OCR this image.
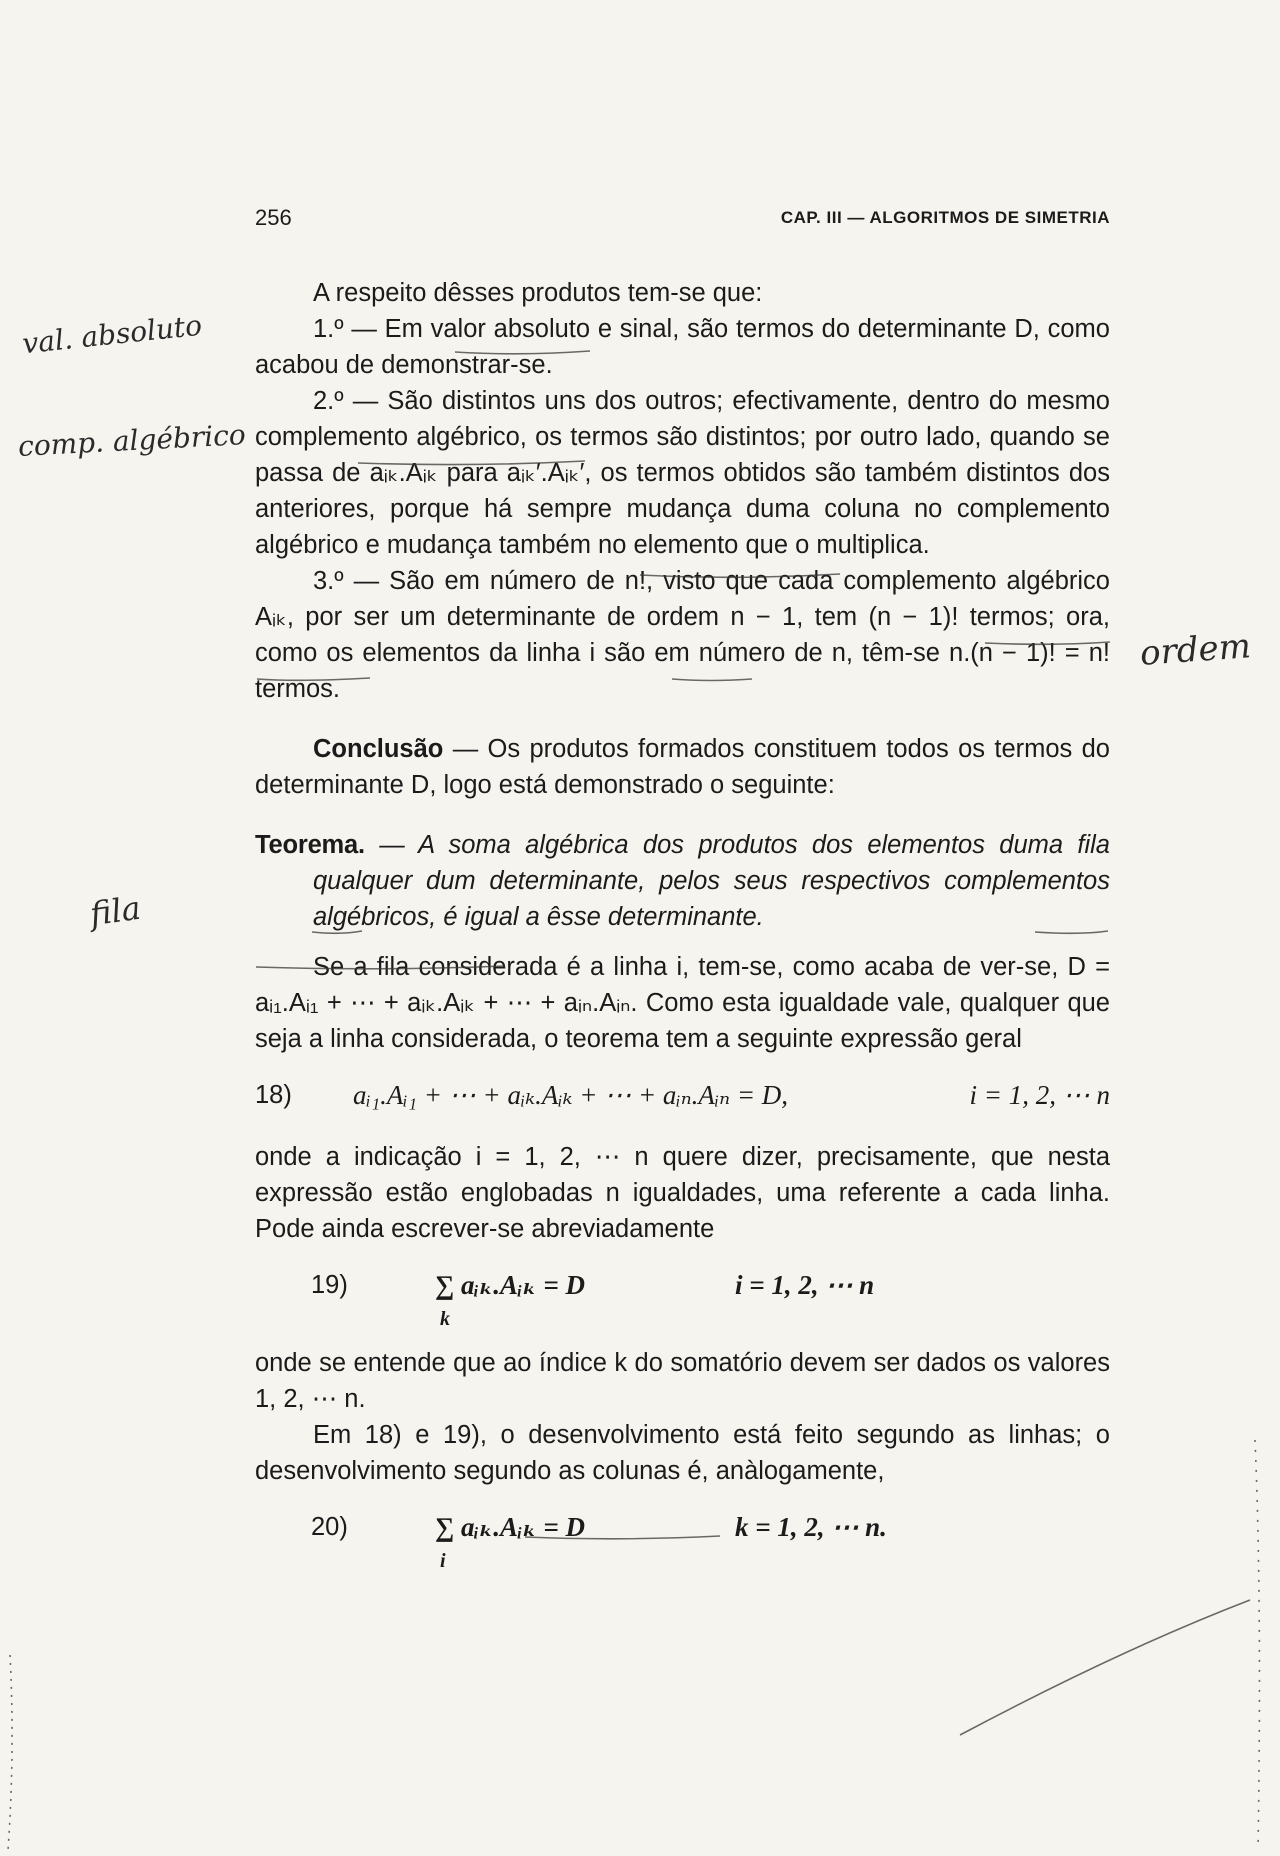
256	CAP. III — ALGORITMOS DE SIMETRIA

A respeito dêsses produtos tem-se que:

1.º — Em valor absoluto e sinal, são termos do determinante D, como acabou de demonstrar-se.

2.º — São distintos uns dos outros; efectivamente, dentro do mesmo complemento algébrico, os termos são distintos; por outro lado, quando se passa de aᵢₖ.Aᵢₖ para aᵢₖ′.Aᵢₖ′, os termos obtidos são também distintos dos anteriores, porque há sempre mudança duma coluna no complemento algébrico e mudança também no elemento que o multiplica.

3.º — São em número de n!, visto que cada complemento algébrico Aᵢₖ, por ser um determinante de ordem n − 1, tem (n − 1)! termos; ora, como os elementos da linha i são em número de n, têm-se n.(n − 1)! = n! termos.

Conclusão — Os produtos formados constituem todos os termos do determinante D, logo está demonstrado o seguinte:

Teorema. — A soma algébrica dos produtos dos elementos duma fila qualquer dum determinante, pelos seus respectivos complementos algébricos, é igual a êsse determinante.

Se a fila considerada é a linha i, tem-se, como acaba de ver-se, D = aᵢ₁.Aᵢ₁ + ⋯ + aᵢₖ.Aᵢₖ + ⋯ + aᵢₙ.Aᵢₙ. Como esta igualdade vale, qualquer que seja a linha considerada, o teorema tem a seguinte expressão geral

18) aᵢ₁.Aᵢ₁ + ⋯ + aᵢₖ.Aᵢₖ + ⋯ + aᵢₙ.Aᵢₙ = D,	i = 1, 2, ⋯ n

onde a indicação i = 1, 2, ⋯ n quere dizer, precisamente, que nesta expressão estão englobadas n igualdades, uma referente a cada linha. Pode ainda escrever-se abreviadamente

19)	∑ aᵢₖ.Aᵢₖ = D
k
i = 1, 2, ⋯ n

onde se entende que ao índice k do somatório devem ser dados os valores 1, 2, ⋯ n.

Em 18) e 19), o desenvolvimento está feito segundo as linhas; o desenvolvimento segundo as colunas é, anàlogamente,

20)	∑ aᵢₖ.Aᵢₖ = D
i
k = 1, 2, ⋯ n.
val. absoluto
comp. algébrico
ordem
fila
